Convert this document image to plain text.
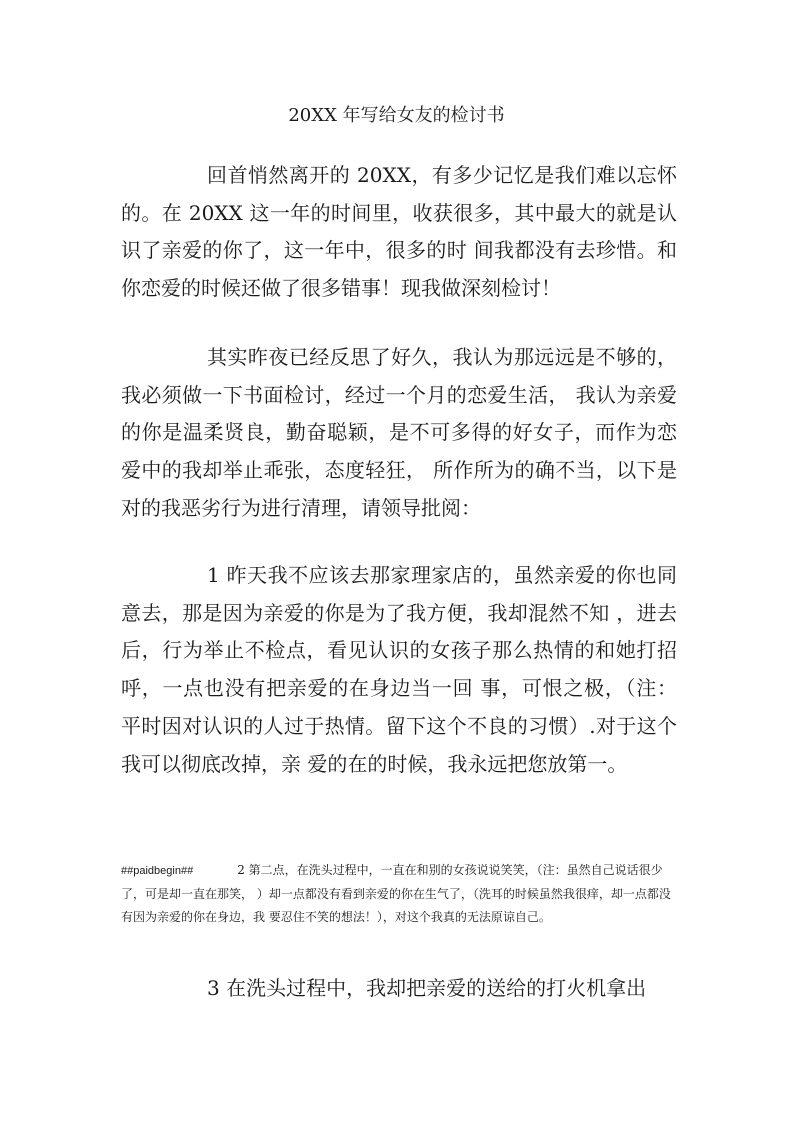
20XX 年写给女友的检讨书

回首悄然离开的 20XX，有多少记忆是我们难以忘怀的。在 20XX 这一年的时间里，收获很多，其中最大的就是认识了亲爱的你了，这一年中，很多的时 间我都没有去珍惜。和你恋爱的时候还做了很多错事！现我做深刻检讨！

其实昨夜已经反思了好久，我认为那远远是不够的，我必须做一下书面检讨，经过一个月的恋爱生活， 我认为亲爱的你是温柔贤良，勤奋聪颖，是不可多得的好女子，而作为恋爱中的我却举止乖张，态度轻狂， 所作所为的确不当，以下是对的我恶劣行为进行清理，请领导批阅：

1 昨天我不应该去那家理家店的，虽然亲爱的你也同意去，那是因为亲爱的你是为了我方便，我却混然不知 ，进去后，行为举止不检点，看见认识的女孩子那么热情的和她打招呼，一点也没有把亲爱的在身边当一回 事，可恨之极，（注：平时因对认识的人过于热情。留下这个不良的习惯）.对于这个我可以彻底改掉，亲 爱的在的时候，我永远把您放第一。

##paidbegin##	2 第二点，在洗头过程中，一直在和别的女孩说说笑笑，（注：虽然自己说话很少了，可是却一直在那笑， ）却一点都没有看到亲爱的你在生气了，（洗耳的时候虽然我很痒，却一点都没有因为亲爱的你在身边，我 要忍住不笑的想法！），对这个我真的无法原谅自己。

3 在洗头过程中，我却把亲爱的送给的打火机拿出
